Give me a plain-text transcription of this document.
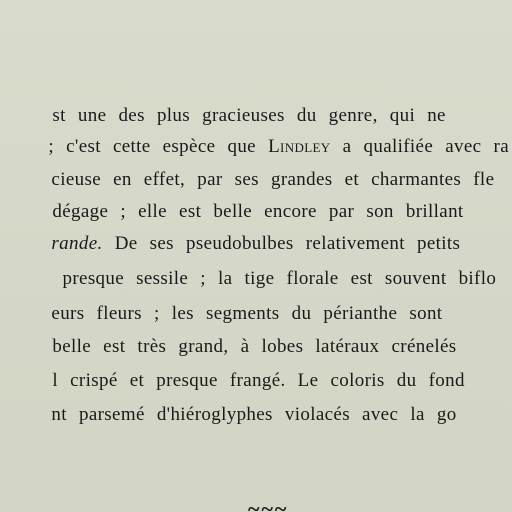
st une des plus gracieuses du genre, qui ne

; c'est cette espèce que Lindley a qualifiée avec ra

cieuse en effet, par ses grandes et charmantes fle

dégage ; elle est belle encore par son brillant

rande. De ses pseudobulbes relativement petits

presque sessile ; la tige florale est souvent biflo

eurs fleurs ; les segments du périanthe sont

belle est très grand, à lobes latéraux crénelés

l crispé et presque frangé. Le coloris du fond

nt parsemé d'hiéroglyphes violacés avec la go

~~~
